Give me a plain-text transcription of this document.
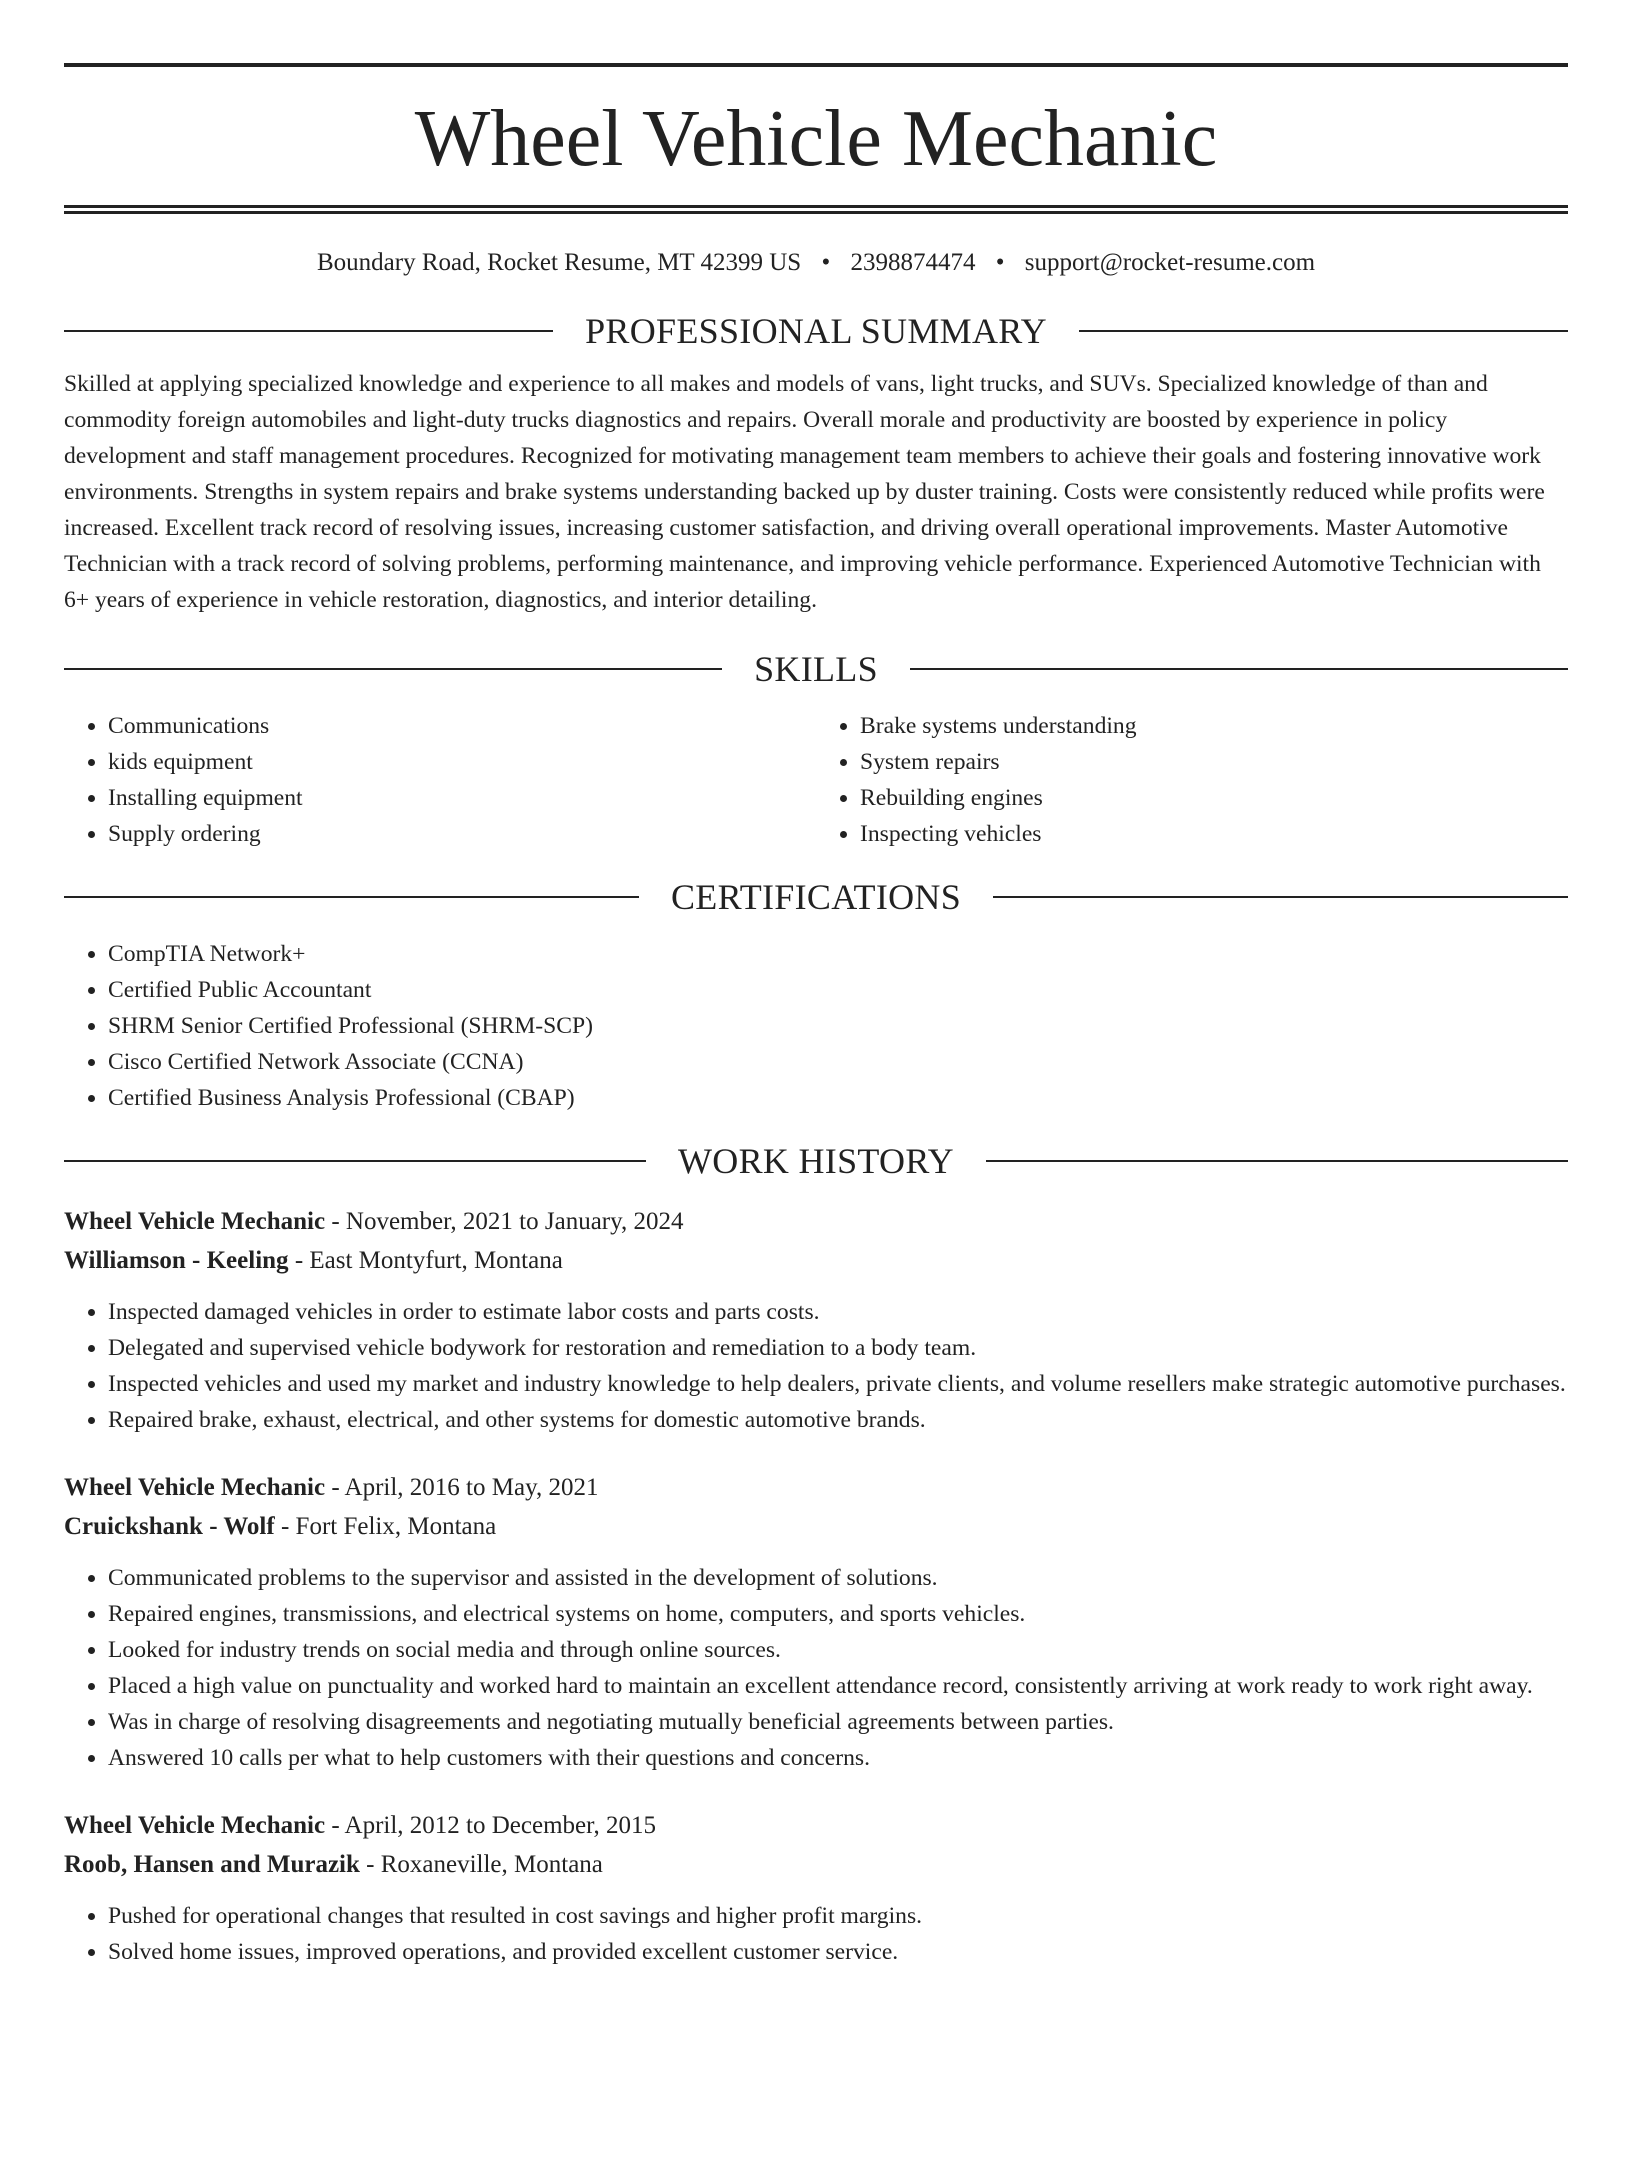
Wheel Vehicle Mechanic
Boundary Road, Rocket Resume, MT 42399 US • 2398874474 • support@rocket-resume.com
PROFESSIONAL SUMMARY

Skilled at applying specialized knowledge and experience to all makes and models of vans, light trucks, and SUVs. Specialized knowledge of than and commodity foreign automobiles and light-duty trucks diagnostics and repairs. Overall morale and productivity are boosted by experience in policy development and staff management procedures. Recognized for motivating management team members to achieve their goals and fostering innovative work environments. Strengths in system repairs and brake systems understanding backed up by duster training. Costs were consistently reduced while profits were increased. Excellent track record of resolving issues, increasing customer satisfaction, and driving overall operational improvements. Master Automotive Technician with a track record of solving problems, performing maintenance, and improving vehicle performance. Experienced Automotive Technician with 6+ years of experience in vehicle restoration, diagnostics, and interior detailing.

SKILLS
• Communications
• kids equipment
• Installing equipment
• Supply ordering
• Brake systems understanding
• System repairs
• Rebuilding engines
• Inspecting vehicles
CERTIFICATIONS
• CompTIA Network+
• Certified Public Accountant
• SHRM Senior Certified Professional (SHRM-SCP)
• Cisco Certified Network Associate (CCNA)
• Certified Business Analysis Professional (CBAP)
WORK HISTORY
Wheel Vehicle Mechanic - November, 2021 to January, 2024
Williamson - Keeling - East Montyfurt, Montana
• Inspected damaged vehicles in order to estimate labor costs and parts costs.
• Delegated and supervised vehicle bodywork for restoration and remediation to a body team.
• Inspected vehicles and used my market and industry knowledge to help dealers, private clients, and volume resellers make strategic automotive purchases.
• Repaired brake, exhaust, electrical, and other systems for domestic automotive brands.
Wheel Vehicle Mechanic - April, 2016 to May, 2021
Cruickshank - Wolf - Fort Felix, Montana
• Communicated problems to the supervisor and assisted in the development of solutions.
• Repaired engines, transmissions, and electrical systems on home, computers, and sports vehicles.
• Looked for industry trends on social media and through online sources.
• Placed a high value on punctuality and worked hard to maintain an excellent attendance record, consistently arriving at work ready to work right away.
• Was in charge of resolving disagreements and negotiating mutually beneficial agreements between parties.
• Answered 10 calls per what to help customers with their questions and concerns.
Wheel Vehicle Mechanic - April, 2012 to December, 2015
Roob, Hansen and Murazik - Roxaneville, Montana
• Pushed for operational changes that resulted in cost savings and higher profit margins.
• Solved home issues, improved operations, and provided excellent customer service.
